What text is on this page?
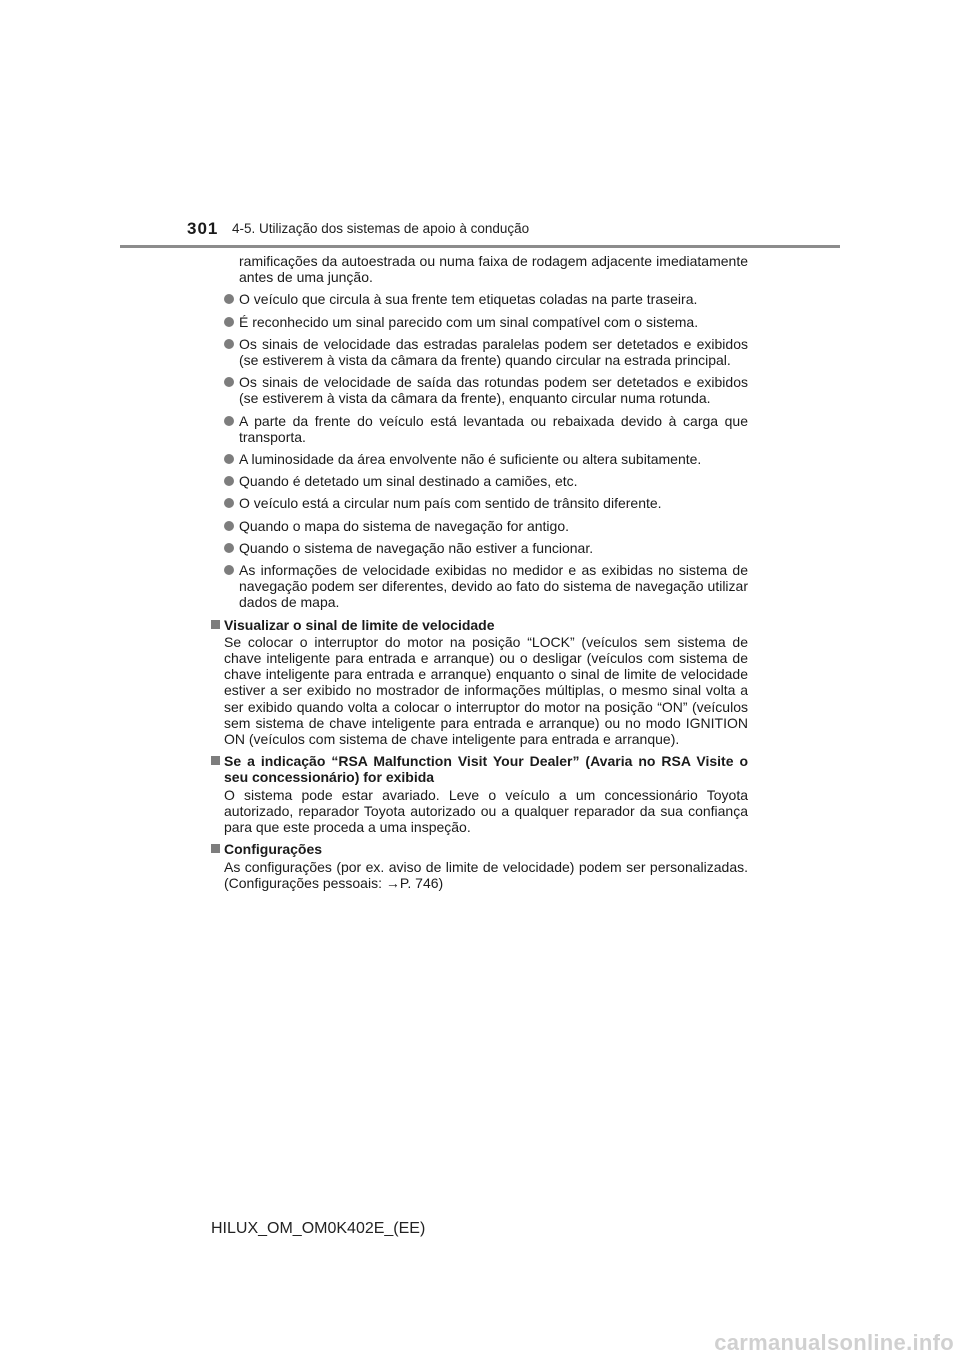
301 4-5. Utilização dos sistemas de apoio à condução

ramificações da autoestrada ou numa faixa de rodagem adjacente imediatamente antes de uma junção.

O veículo que circula à sua frente tem etiquetas coladas na parte traseira.
É reconhecido um sinal parecido com um sinal compatível com o sistema.
Os sinais de velocidade das estradas paralelas podem ser detetados e exibidos (se estiverem à vista da câmara da frente) quando circular na estrada principal.
Os sinais de velocidade de saída das rotundas podem ser detetados e exibidos (se estiverem à vista da câmara da frente), enquanto circular numa rotunda.
A parte da frente do veículo está levantada ou rebaixada devido à carga que transporta.
A luminosidade da área envolvente não é suficiente ou altera subitamente.
Quando é detetado um sinal destinado a camiões, etc.
O veículo está a circular num país com sentido de trânsito diferente.
Quando o mapa do sistema de navegação for antigo.
Quando o sistema de navegação não estiver a funcionar.
As informações de velocidade exibidas no medidor e as exibidas no sistema de navegação podem ser diferentes, devido ao fato do sistema de navegação utilizar dados de mapa.
Visualizar o sinal de limite de velocidade

Se colocar o interruptor do motor na posição “LOCK” (veículos sem sistema de chave inteligente para entrada e arranque) ou o desligar (veículos com sistema de chave inteligente para entrada e arranque) enquanto o sinal de limite de velocidade estiver a ser exibido no mostrador de informações múltiplas, o mesmo sinal volta a ser exibido quando volta a colocar o interruptor do motor na posição “ON” (veículos sem sistema de chave inteligente para entrada e arranque) ou no modo IGNITION ON (veículos com sistema de chave inteligente para entrada e arranque).

Se a indicação “RSA Malfunction Visit Your Dealer” (Avaria no RSA Visite o seu concessionário) for exibida

O sistema pode estar avariado. Leve o veículo a um concessionário Toyota autorizado, reparador Toyota autorizado ou a qualquer reparador da sua confiança para que este proceda a uma inspeção.

Configurações

As configurações (por ex. aviso de limite de velocidade) podem ser personalizadas. (Configurações pessoais: →P. 746)

HILUX_OM_OM0K402E_(EE)
carmanualsonline.info
